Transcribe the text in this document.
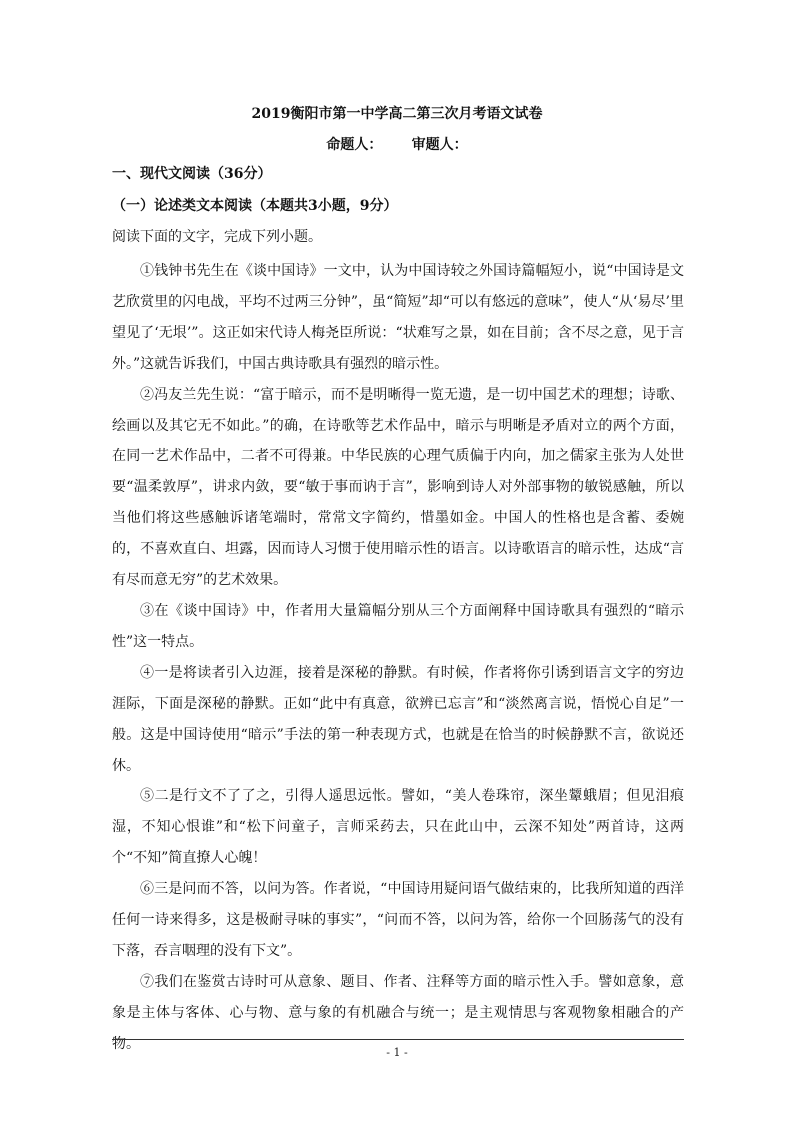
2019衡阳市第一中学高二第三次月考语文试卷
命题人：      审题人：
一、现代文阅读（36分）
（一）论述类文本阅读（本题共3小题，9分）
阅读下面的文字，完成下列小题。

①钱钟书先生在《谈中国诗》一文中，认为中国诗较之外国诗篇幅短小，说“中国诗是文艺欣赏里的闪电战，平均不过两三分钟”，虽“简短”却“可以有悠远的意味”，使人“从‘易尽’里望见了‘无垠’”。这正如宋代诗人梅尧臣所说：“状难写之景，如在目前；含不尽之意，见于言外。”这就告诉我们，中国古典诗歌具有强烈的暗示性。

②冯友兰先生说：“富于暗示，而不是明晰得一览无遗，是一切中国艺术的理想；诗歌、绘画以及其它无不如此。”的确，在诗歌等艺术作品中，暗示与明晰是矛盾对立的两个方面，在同一艺术作品中，二者不可得兼。中华民族的心理气质偏于内向，加之儒家主张为人处世要“温柔敦厚”，讲求内敛，要“敏于事而讷于言”，影响到诗人对外部事物的敏锐感触，所以当他们将这些感触诉诸笔端时，常常文字简约，惜墨如金。中国人的性格也是含蓄、委婉的，不喜欢直白、坦露，因而诗人习惯于使用暗示性的语言。以诗歌语言的暗示性，达成“言有尽而意无穷”的艺术效果。

③在《谈中国诗》中，作者用大量篇幅分别从三个方面阐释中国诗歌具有强烈的“暗示性”这一特点。

④一是将读者引入边涯，接着是深秘的静默。有时候，作者将你引诱到语言文字的穷边涯际，下面是深秘的静默。正如“此中有真意，欲辨已忘言”和“淡然离言说，悟悦心自足”一般。这是中国诗使用“暗示”手法的第一种表现方式，也就是在恰当的时候静默不言，欲说还休。

⑤二是行文不了了之，引得人遥思远怅。譬如，“美人卷珠帘，深坐颦蛾眉；但见泪痕湿，不知心恨谁”和“松下问童子，言师采药去，只在此山中，云深不知处”两首诗，这两个“不知”简直撩人心魄！

⑥三是问而不答，以问为答。作者说，“中国诗用疑问语气做结束的，比我所知道的西洋任何一诗来得多，这是极耐寻味的事实”，“问而不答，以问为答，给你一个回肠荡气的没有下落，吞言咽理的没有下文”。

⑦我们在鉴赏古诗时可从意象、题目、作者、注释等方面的暗示性入手。譬如意象，意象是主体与客体、心与物、意与象的有机融合与统一；是主观情思与客观物象相融合的产物。

- 1 -
